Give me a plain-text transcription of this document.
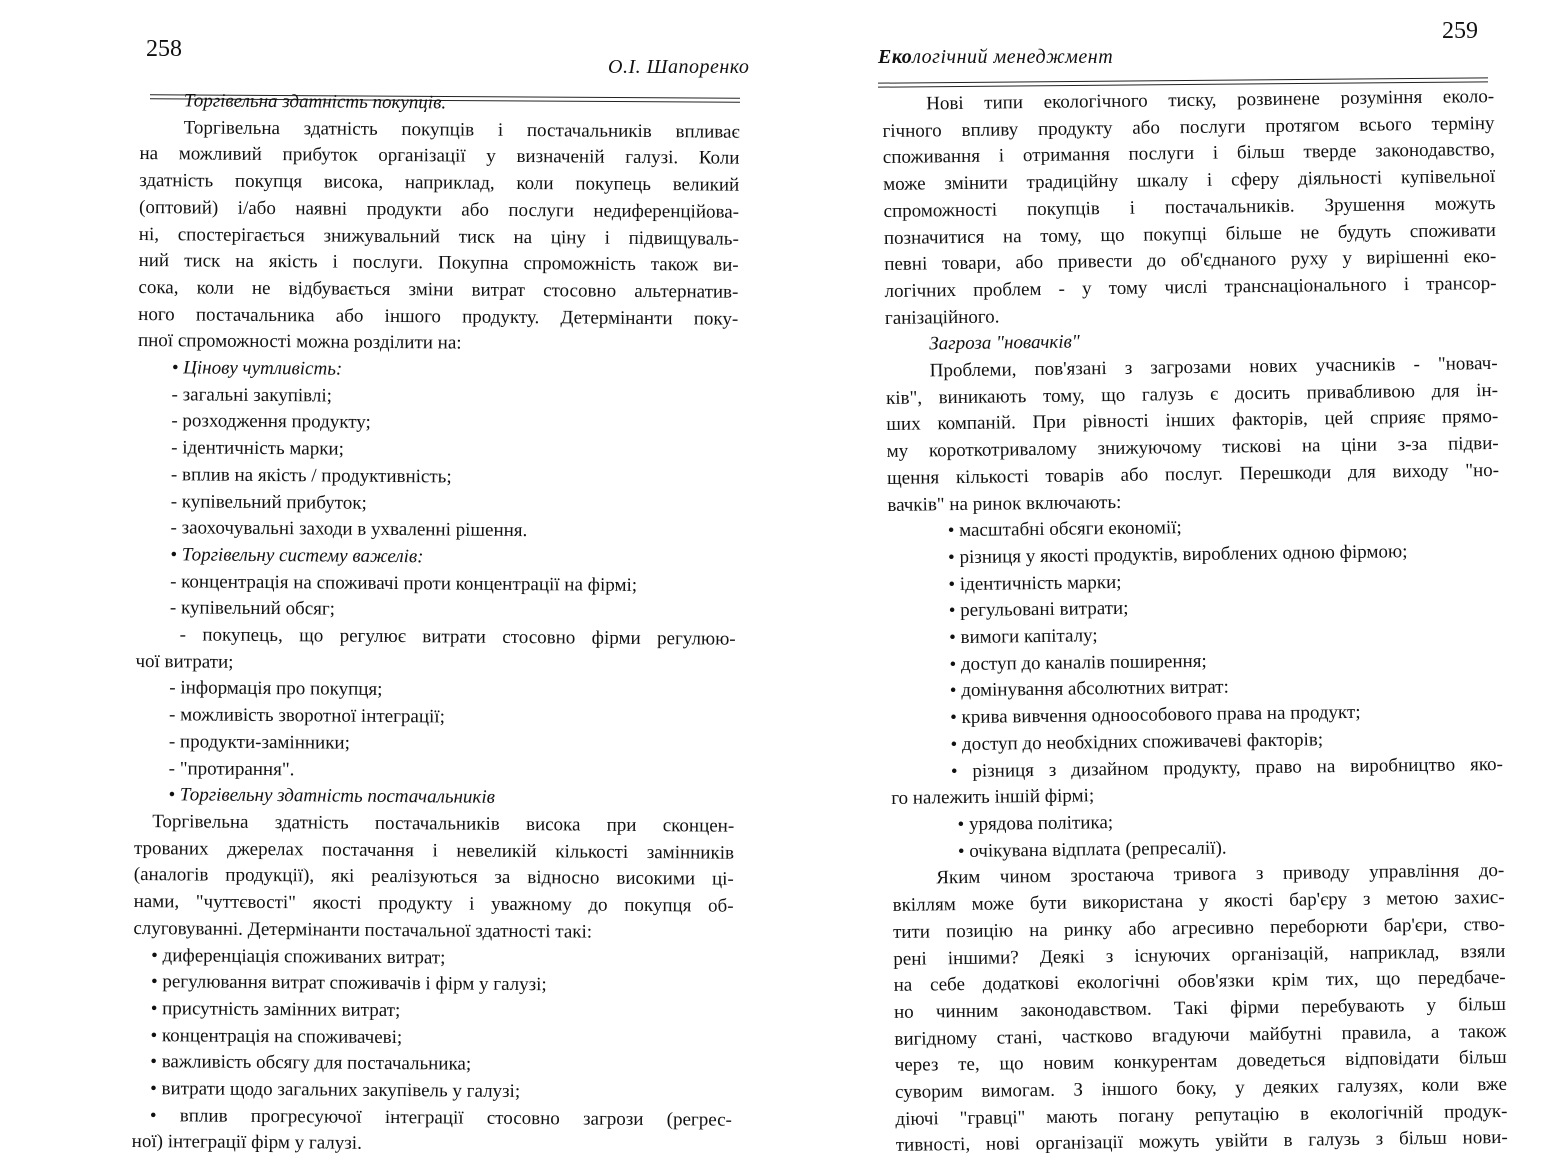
258
О.І. Шапоренко
Торгівельна здатність покупців.
Торгівельна здатність покупців і постачальників впливає
на можливий прибуток організації у визначеній галузі. Коли
здатність покупця висока, наприклад, коли покупець великий
(оптовий) і/або наявні продукти або послуги недиференційова-
ні, спостерігається знижувальний тиск на ціну і підвищуваль-
ний тиск на якість і послуги. Покупна спроможність також ви-
сока, коли не відбувається зміни витрат стосовно альтернатив-
ного постачальника або іншого продукту. Детермінанти поку-
пної спроможності можна розділити на:
• Цінову чутливість:
- загальні закупівлі;
- розходження продукту;
- ідентичність марки;
- вплив на якість / продуктивність;
- купівельний прибуток;
- заохочувальні заходи в ухваленні рішення.
• Торгівельну систему важелів:
- концентрація на споживачі проти концентрації на фірмі;
- купівельний обсяг;
- покупець, що регулює витрати стосовно фірми регулюю-
чої витрати;
- інформація про покупця;
- можливість зворотної інтеграції;
- продукти-замінники;
- "протирання".
• Торгівельну здатність постачальників
Торгівельна здатність постачальників висока при сконцен-
трованих джерелах постачання і невеликій кількості замінників
(аналогів продукції), які реалізуються за відносно високими ці-
нами, "чуттєвості" якості продукту і уважному до покупця об-
слуговуванні. Детермінанти постачальної здатності такі:
• диференціація споживаних витрат;
• регулювання витрат споживачів і фірм у галузі;
• присутність замінних витрат;
• концентрація на споживачеві;
• важливість обсягу для постачальника;
• витрати щодо загальних закупівель у галузі;
• вплив прогресуючої інтеграції стосовно загрози (регрес-
ної) інтеграції фірм у галузі.
259
Екологічний менеджмент
Нові типи екологічного тиску, розвинене розуміння еколо-
гічного впливу продукту або послуги протягом всього терміну
споживання і отримання послуги і більш тверде законодавство,
може змінити традиційну шкалу і сферу діяльності купівельної
спроможності покупців і постачальників. Зрушення можуть
позначитися на тому, що покупці більше не будуть споживати
певні товари, або привести до об'єднаного руху у вирішенні еко-
логічних проблем - у тому числі транснаціонального і трансор-
ганізаційного.
Загроза "новачків"
Проблеми, пов'язані з загрозами нових учасників - "новач-
ків", виникають тому, що галузь є досить привабливою для ін-
ших компаній. При рівності інших факторів, цей сприяє прямо-
му короткотривалому знижуючому тискові на ціни з-за підви-
щення кількості товарів або послуг. Перешкоди для виходу "но-
вачків" на ринок включають:
• масштабні обсяги економії;
• різниця у якості продуктів, вироблених одною фірмою;
• ідентичність марки;
• регульовані витрати;
• вимоги капіталу;
• доступ до каналів поширення;
• домінування абсолютних витрат:
• крива вивчення одноособового права на продукт;
• доступ до необхідних споживачеві факторів;
• різниця з дизайном продукту, право на виробництво яко-
го належить іншій фірмі;
• урядова політика;
• очікувана відплата (репресалії).
Яким чином зростаюча тривога з приводу управління до-
вкіллям може бути використана у якості бар'єру з метою захис-
тити позицію на ринку або агресивно переборюти бар'єри, ство-
рені іншими? Деякі з існуючих організацій, наприклад, взяли
на себе додаткові екологічні обов'язки крім тих, що передбаче-
но чинним законодавством. Такі фірми перебувають у більш
вигідному стані, частково вгадуючи майбутні правила, а також
через те, що новим конкурентам доведеться відповідати більш
суворим вимогам. З іншого боку, у деяких галузях, коли вже
діючі "гравці" мають погану репутацію в екологічній продук-
тивності, нові організації можуть увійти в галузь з більш нови-
